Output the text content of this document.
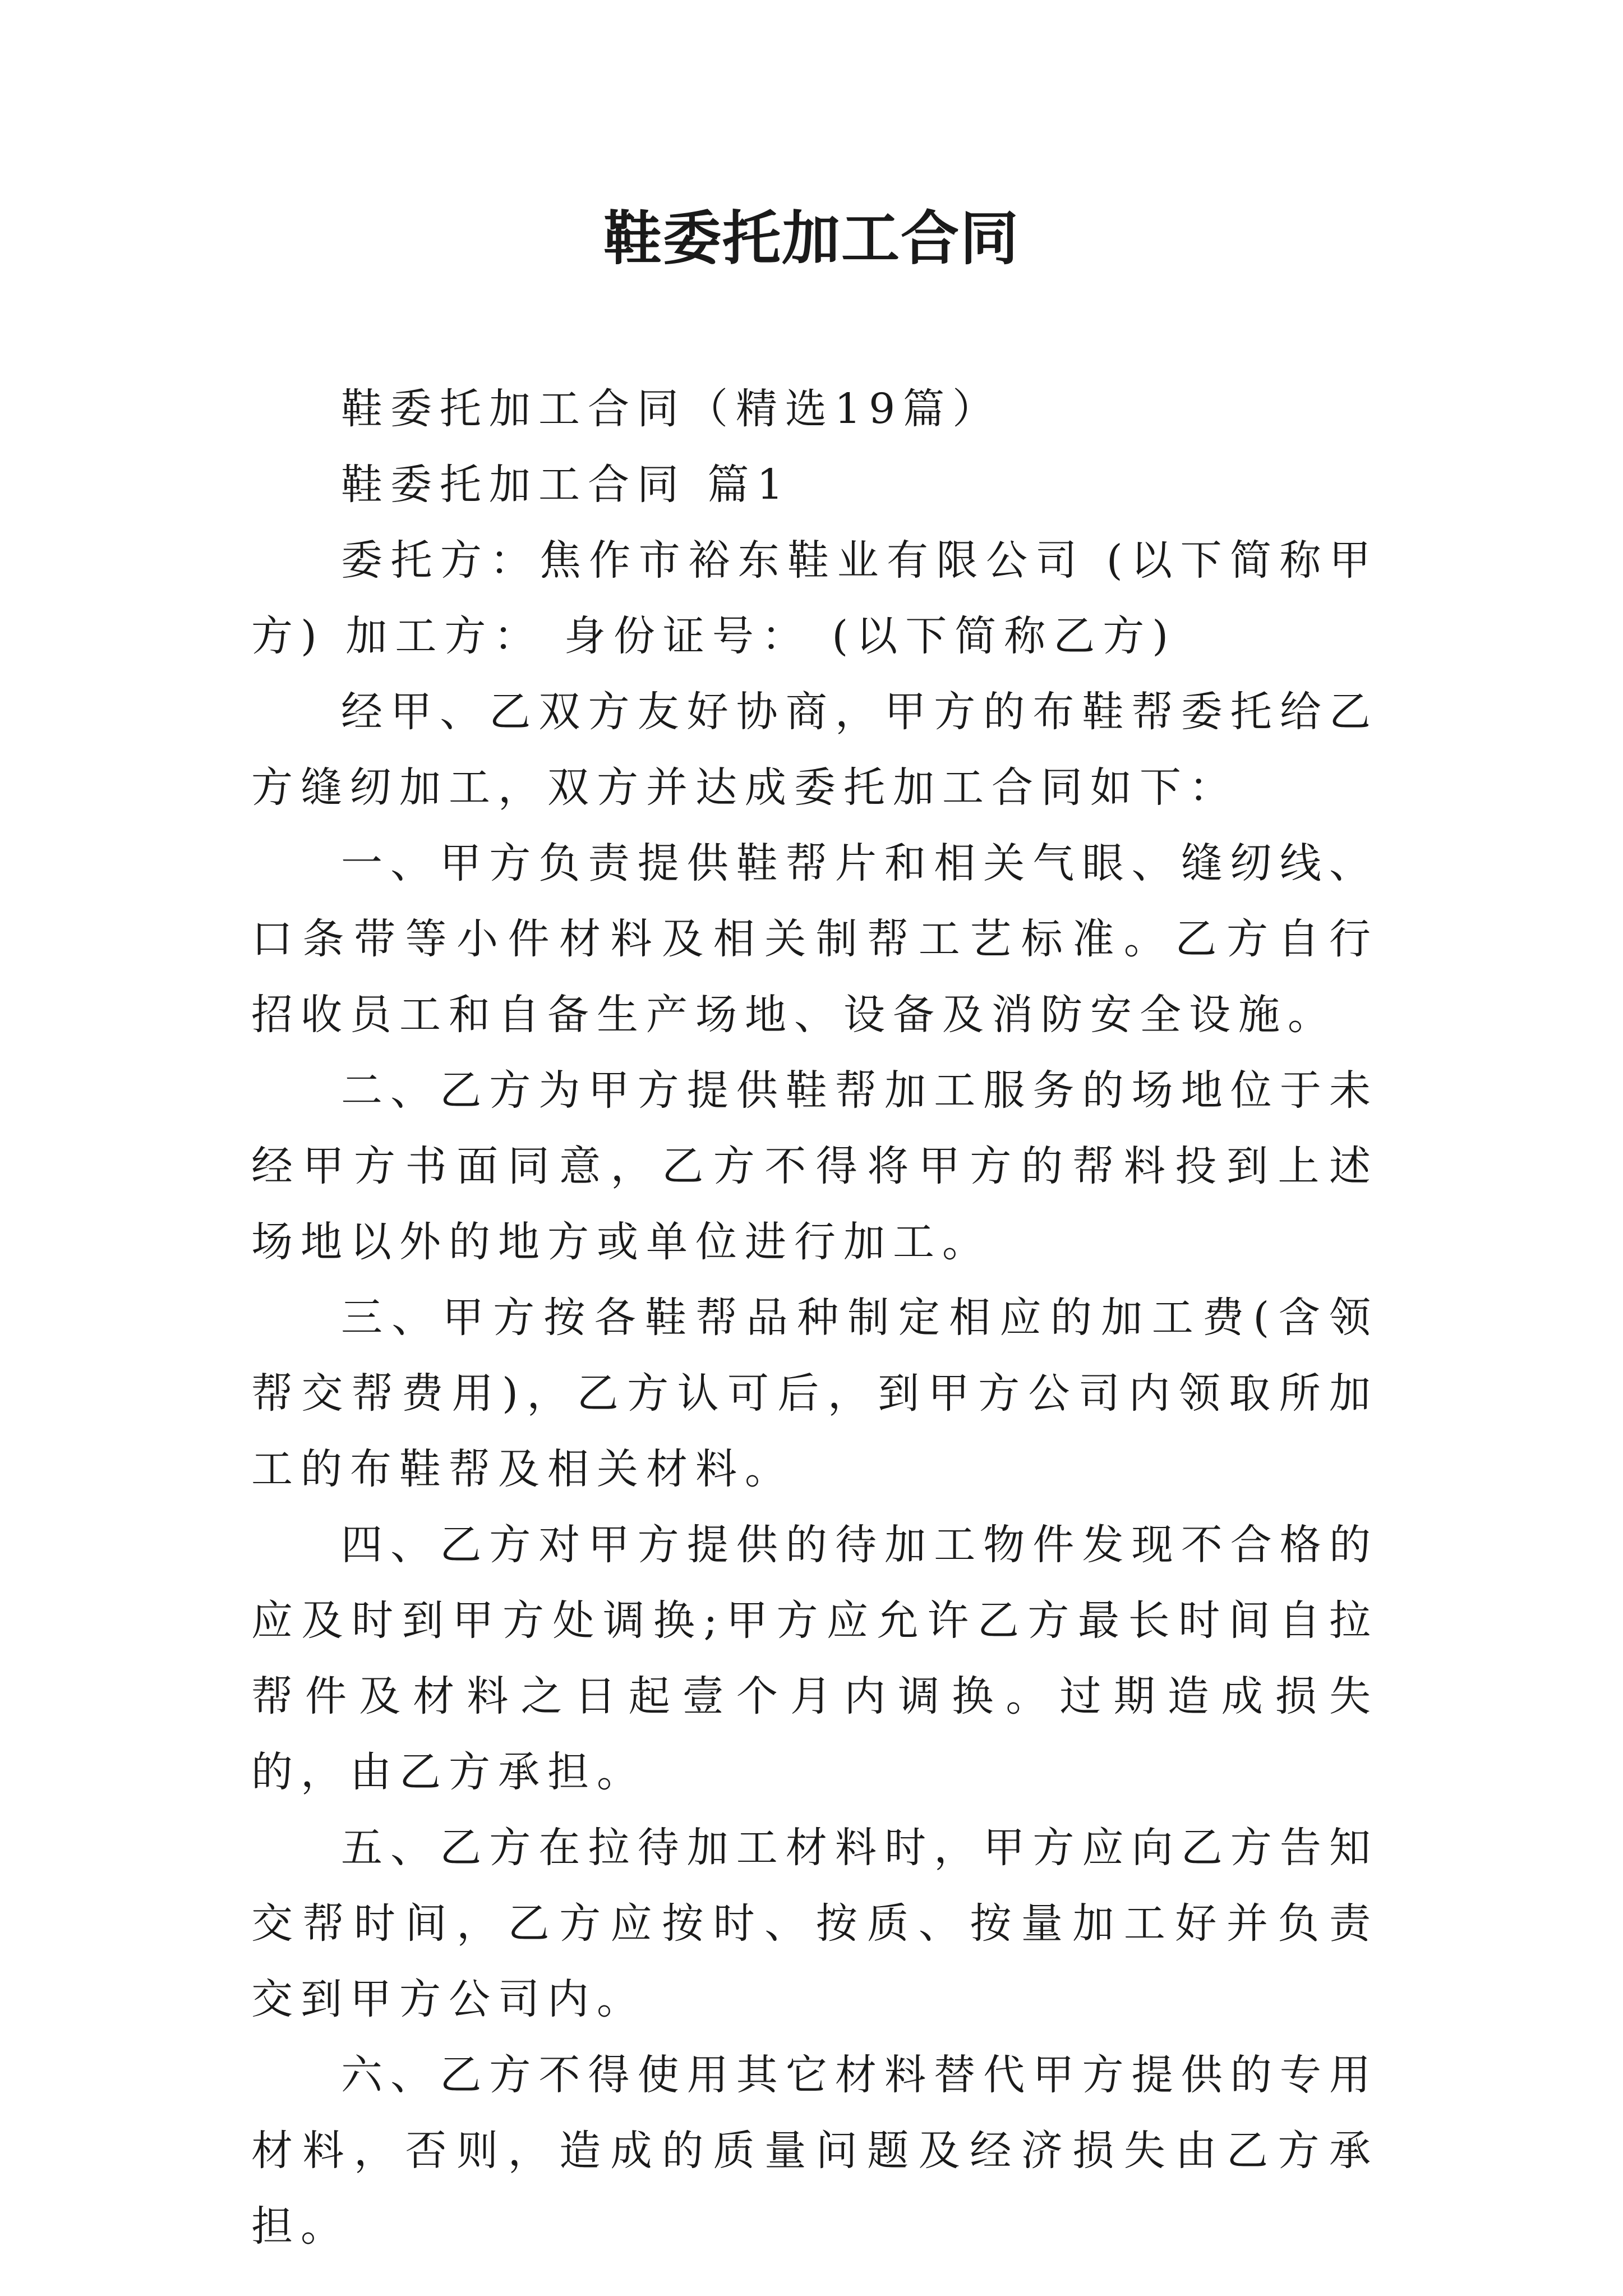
鞋委托加工合同

鞋委托加工合同（精选19篇）

鞋委托加工合同 篇1

委托方：焦作市裕东鞋业有限公司 (以下简称甲方) 加工方： 身份证号： (以下简称乙方)

经甲、乙双方友好协商，甲方的布鞋帮委托给乙方缝纫加工，双方并达成委托加工合同如下：

一、甲方负责提供鞋帮片和相关气眼、缝纫线、口条带等小件材料及相关制帮工艺标准。乙方自行招收员工和自备生产场地、设备及消防安全设施。

二、乙方为甲方提供鞋帮加工服务的场地位于未经甲方书面同意，乙方不得将甲方的帮料投到上述场地以外的地方或单位进行加工。

三、甲方按各鞋帮品种制定相应的加工费(含领帮交帮费用)，乙方认可后，到甲方公司内领取所加工的布鞋帮及相关材料。

四、乙方对甲方提供的待加工物件发现不合格的应及时到甲方处调换;甲方应允许乙方最长时间自拉帮件及材料之日起壹个月内调换。过期造成损失的，由乙方承担。

五、乙方在拉待加工材料时，甲方应向乙方告知交帮时间，乙方应按时、按质、按量加工好并负责交到甲方公司内。

六、乙方不得使用其它材料替代甲方提供的专用材料，否则，造成的质量问题及经济损失由乙方承担。
